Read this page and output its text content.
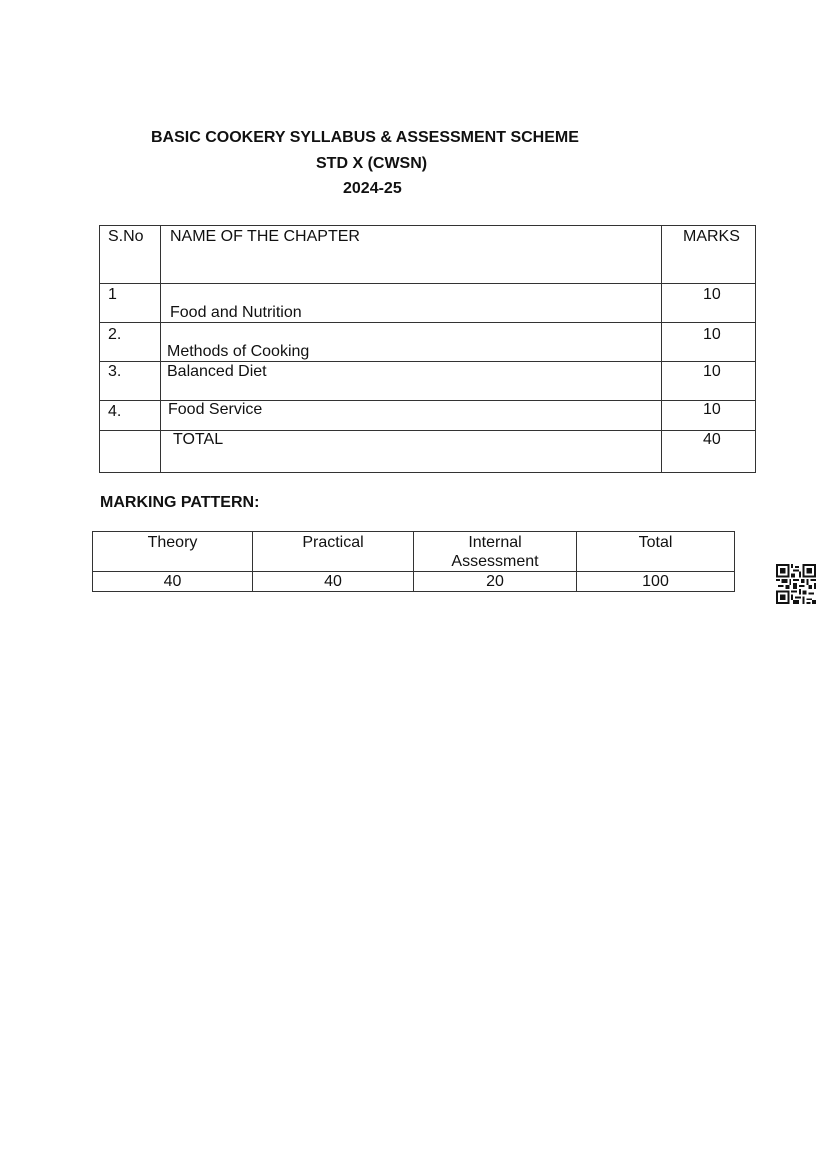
BASIC COOKERY SYLLABUS & ASSESSMENT SCHEME
STD X (CWSN)
2024-25
S.No	NAME OF THE CHAPTER	MARKS

1	Food and Nutrition	10

2.	Methods of Cooking	10

3.	Balanced Diet	10

4.	Food Service	10

	TOTAL	40
MARKING PATTERN:
Theory	Practical	Internal Assessment	Total
40	40	20	100
